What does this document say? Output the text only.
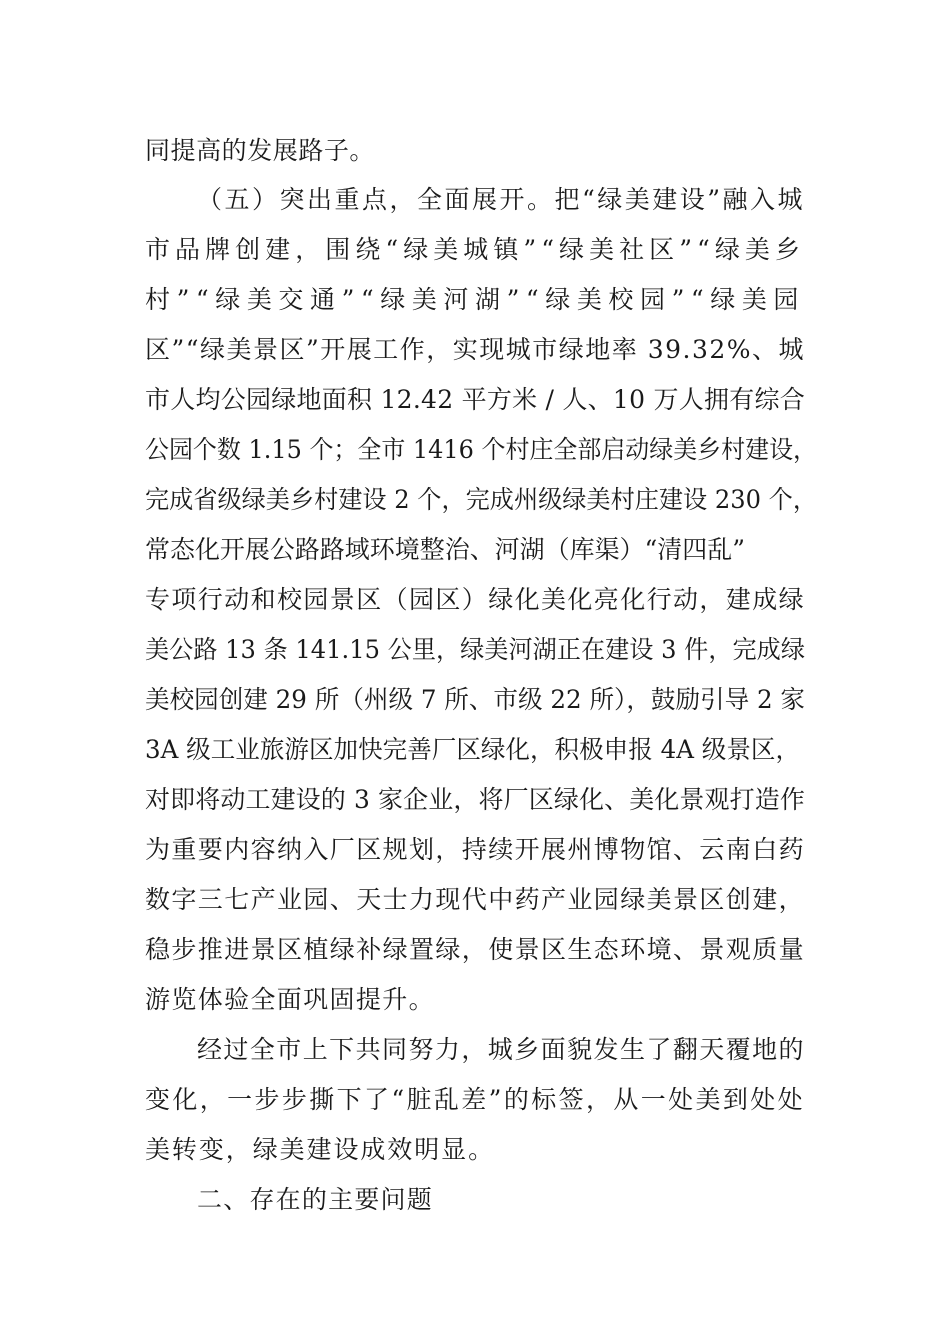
同提高的发展路子。
（五）突出重点，全面展开。把“绿美建设”融入城
市品牌创建，围绕“绿美城镇”“绿美社区”“绿美乡
村”“绿美交通”“绿美河湖”“绿美校园”“绿美园
区”“绿美景区”开展工作，实现城市绿地率 39.32%、城
市人均公园绿地面积 12.42 平方米 / 人、10 万人拥有综合
公园个数 1.15 个；全市 1416 个村庄全部启动绿美乡村建设，
完成省级绿美乡村建设 2 个，完成州级绿美村庄建设 230 个，
常态化开展公路路域环境整治、河湖（库渠）“清四乱”
专项行动和校园景区（园区）绿化美化亮化行动，建成绿
美公路 13 条 141.15 公里，绿美河湖正在建设 3 件，完成绿
美校园创建 29 所（州级 7 所、市级 22 所），鼓励引导 2 家
3A 级工业旅游区加快完善厂区绿化，积极申报 4A 级景区，
对即将动工建设的 3 家企业，将厂区绿化、美化景观打造作
为重要内容纳入厂区规划，持续开展州博物馆、云南白药
数字三七产业园、天士力现代中药产业园绿美景区创建，
稳步推进景区植绿补绿置绿，使景区生态环境、景观质量
游览体验全面巩固提升。
经过全市上下共同努力，城乡面貌发生了翻天覆地的
变化，一步步撕下了“脏乱差”的标签，从一处美到处处
美转变，绿美建设成效明显。
二、存在的主要问题
